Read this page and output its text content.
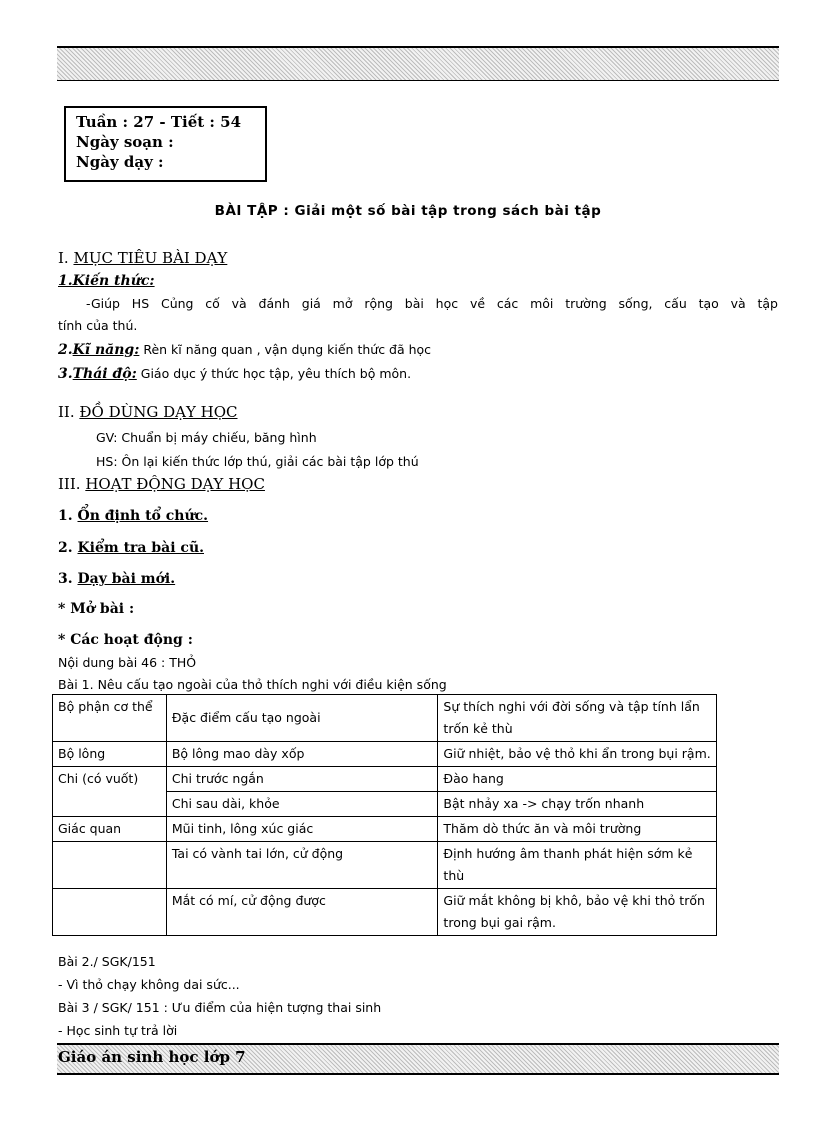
Tuần : 27 - Tiết : 54
Ngày soạn :
Ngày dạy :
BÀI TẬP : Giải một số bài tập trong sách bài tập
I. MỤC TIÊU BÀI DẠY
1.Kiến thức:
-Giúp HS Củng cố và đánh giá mở rộng bài học về các môi trường sống, cấu tạo và tập
tính của thú.
2.Kĩ năng: Rèn kĩ năng quan , vận dụng kiến thức đã học
3.Thái độ: Giáo dục ý thức học tập, yêu thích bộ môn.
II. ĐỒ DÙNG DẠY HỌC
GV: Chuẩn bị máy chiếu, băng hình
HS: Ôn lại kiến thức lớp thú, giải các bài tập lớp thú
III. HOẠT ĐỘNG DẠY HỌC
1. Ổn định tổ chức.
2. Kiểm tra bài cũ.
3. Dạy bài mới.
* Mở bài :
* Các hoạt động :
Nội dung bài 46 : THỎ
Bài 1. Nêu cấu tạo ngoài của thỏ thích nghi với điều kiện sống
Bộ phận cơ thể	Đặc điểm cấu tạo ngoài	Sự thích nghi với đời sống và tập tính lẩn trốn kẻ thù
Bộ lông	Bộ lông mao dày xốp	Giữ nhiệt, bảo vệ thỏ khi ẩn trong bụi rậm.
Chi (có vuốt)	Chi trước ngắn	Đào hang
	Chi sau dài, khỏe	Bật nhảy xa -> chạy trốn nhanh
Giác quan	Mũi tinh, lông xúc giác	Thăm dò thức ăn và môi trường
	Tai có vành tai lớn, cử động	Định hướng âm thanh phát hiện sớm kẻ thù
	Mắt có mí, cử động được	Giữ mắt không bị khô, bảo vệ khi thỏ trốn trong bụi gai rậm.
Bài 2./ SGK/151
- Vì thỏ chạy không dai sức...
Bài 3 / SGK/ 151 : Ưu điểm của hiện tượng thai sinh
- Học sinh tự trả lời
Giáo án sinh học lớp 7
